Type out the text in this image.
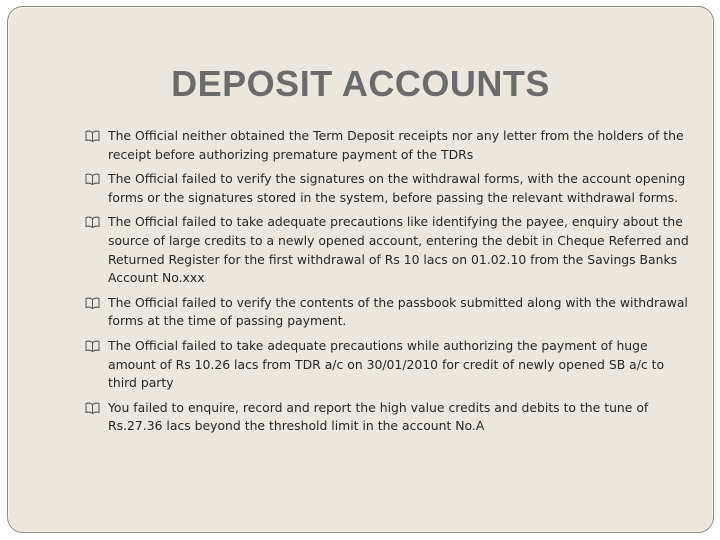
DEPOSIT ACCOUNTS
The Official neither obtained the Term Deposit receipts nor any letter from the holders of the receipt before authorizing premature payment of the TDRs
The Official failed to verify the signatures on the withdrawal forms, with the account opening forms or the signatures stored in the system, before passing the relevant withdrawal forms.
The Official failed to take adequate precautions like identifying the payee, enquiry about the source of large credits to a newly opened account, entering the debit in Cheque Referred and Returned Register for the first withdrawal of Rs 10 lacs on 01.02.10 from the Savings Banks Account No.xxx
The Official failed to verify the contents of the passbook submitted along with the withdrawal forms at the time of passing payment.
The Official failed to take adequate precautions while authorizing the payment of huge amount of Rs 10.26 lacs from TDR a/c on 30/01/2010 for credit of newly opened SB a/c to third party
You failed to enquire, record and report the high value credits and debits to the tune of Rs.27.36 lacs beyond the threshold limit in the account No.A
